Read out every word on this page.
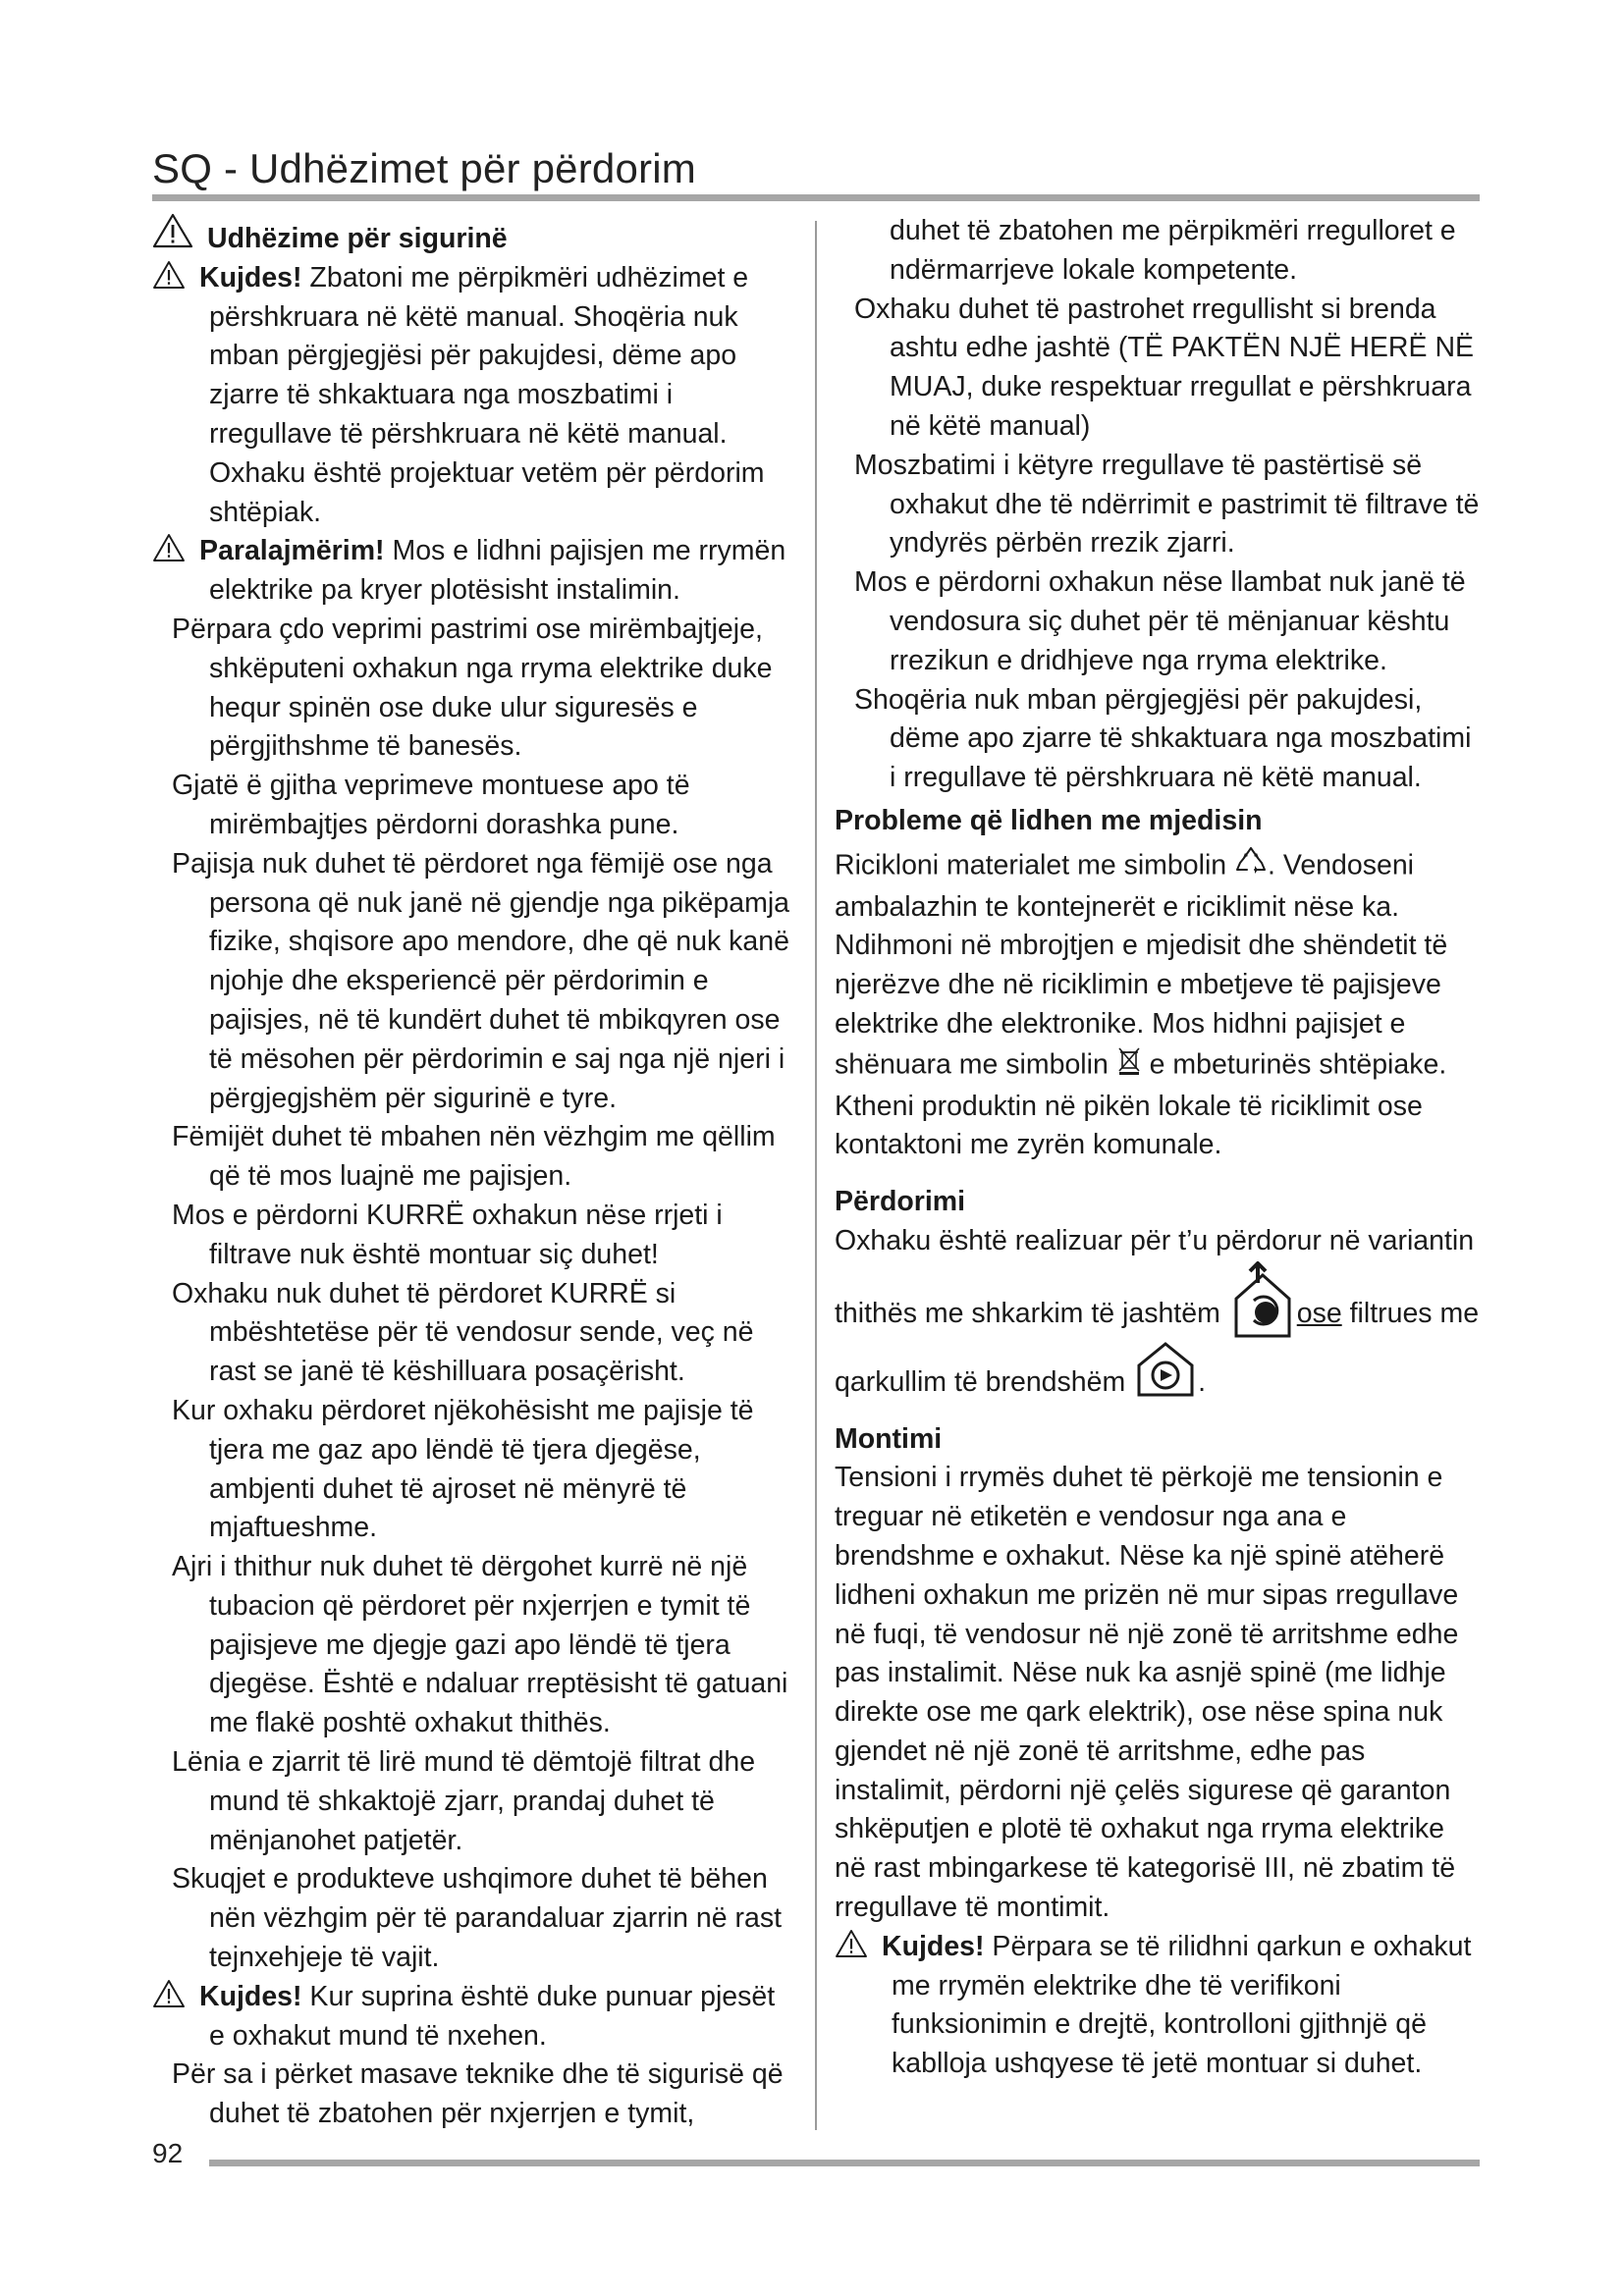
SQ - Udhëzimet për përdorim

Udhëzime për sigurinë

Kujdes! Zbatoni me përpikmëri udhëzimet e përshkruara në këtë manual. Shoqëria nuk mban përgjegjësi për pakujdesi, dëme apo zjarre të shkaktuara nga moszbatimi i rregullave të përshkruara në këtë manual. Oxhaku është projektuar vetëm për përdorim shtëpiak.

Paralajmërim! Mos e lidhni pajisjen me rrymën elektrike pa kryer plotësisht instalimin.

Përpara çdo veprimi pastrimi ose mirëmbajtjeje, shkëputeni oxhakun nga rryma elektrike duke hequr spinën ose duke ulur siguresës e përgjithshme të banesës.

Gjatë ë gjitha veprimeve montuese apo të mirëmbajtjes përdorni dorashka pune.

Pajisja nuk duhet të përdoret nga fëmijë ose nga persona që nuk janë në gjendje nga pikëpamja fizike, shqisore apo mendore, dhe që nuk kanë njohje dhe eksperiencë për përdorimin e pajisjes, në të kundërt duhet të mbikqyren ose të mësohen për përdorimin e saj nga një njeri i përgjegjshëm për sigurinë e tyre.

Fëmijët duhet të mbahen nën vëzhgim me qëllim që të mos luajnë me pajisjen.

Mos e përdorni KURRË oxhakun nëse rrjeti i filtrave nuk është montuar siç duhet!

Oxhaku nuk duhet të përdoret KURRË si mbështetëse për të vendosur sende, veç në rast se janë të këshilluara posaçërisht.

Kur oxhaku përdoret njëkohësisht me pajisje të tjera me gaz apo lëndë të tjera djegëse, ambjenti duhet të ajroset në mënyrë të mjaftueshme.

Ajri i thithur nuk duhet të dërgohet kurrë në një tubacion që përdoret për nxjerrjen e tymit të pajisjeve me djegje gazi apo lëndë të tjera djegëse. Është e ndaluar rreptësisht të gatuani me flakë poshtë oxhakut thithës.

Lënia e zjarrit të lirë mund të dëmtojë filtrat dhe mund të shkaktojë zjarr, prandaj duhet të mënjanohet patjetër.

Skuqjet e produkteve ushqimore duhet të bëhen nën vëzhgim për të parandaluar zjarrin në rast tejnxehjeje të vajit.

Kujdes! Kur suprina është duke punuar pjesët e oxhakut mund të nxehen.

Për sa i përket masave teknike dhe të sigurisë që duhet të zbatohen për nxjerrjen e tymit,

duhet të zbatohen me përpikmëri rregulloret e ndërmarrjeve lokale kompetente.

Oxhaku duhet të pastrohet rregullisht si brenda ashtu edhe jashtë (TË PAKTËN NJË HERË NË MUAJ, duke respektuar rregullat e përshkruara në këtë manual)

Moszbatimi i këtyre rregullave të pastërtisë së oxhakut dhe të ndërrimit e pastrimit të filtrave të yndyrës përbën rrezik zjarri.

Mos e përdorni oxhakun nëse llambat nuk janë të vendosura siç duhet për të mënjanuar kështu rrezikun e dridhjeve nga rryma elektrike.

Shoqëria nuk mban përgjegjësi për pakujdesi, dëme apo zjarre të shkaktuara nga moszbatimi i rregullave të përshkruara në këtë manual.

Probleme që lidhen me mjedisin

Ricikloni materialet me simbolin . Vendoseni ambalazhin te kontejnerët e riciklimit nëse ka. Ndihmoni në mbrojtjen e mjedisit dhe shëndetit të njerëzve dhe në riciklimin e mbetjeve të pajisjeve elektrike dhe elektronike. Mos hidhni pajisjet e shënuara me simbolin  e mbeturinës shtëpiake. Ktheni produktin në pikën lokale të riciklimit ose kontaktoni me zyrën komunale.

Përdorimi

Oxhaku është realizuar për t’u përdorur në variantin thithës me shkarkim të jashtëm ose filtrues me qarkullim të brendshëm .

Montimi

Tensioni i rrymës duhet të përkojë me tensionin e treguar në etiketën e vendosur nga ana e brendshme e oxhakut. Nëse ka një spinë atëherë lidheni oxhakun me prizën në mur sipas rregullave në fuqi, të vendosur në një zonë të arritshme edhe pas instalimit. Nëse nuk ka asnjë spinë (me lidhje direkte ose me qark elektrik), ose nëse spina nuk gjendet në një zonë të arritshme, edhe pas instalimit, përdorni një çelës sigurese që garanton shkëputjen e plotë të oxhakut nga rryma elektrike në rast mbingarkese të kategorisë III, në zbatim të rregullave të montimit.

Kujdes! Përpara se të rilidhni qarkun e oxhakut me rrymën elektrike dhe të verifikoni funksionimin e drejtë, kontrolloni gjithnjë që kabllojа ushqyese të jetë montuar si duhet.

92
